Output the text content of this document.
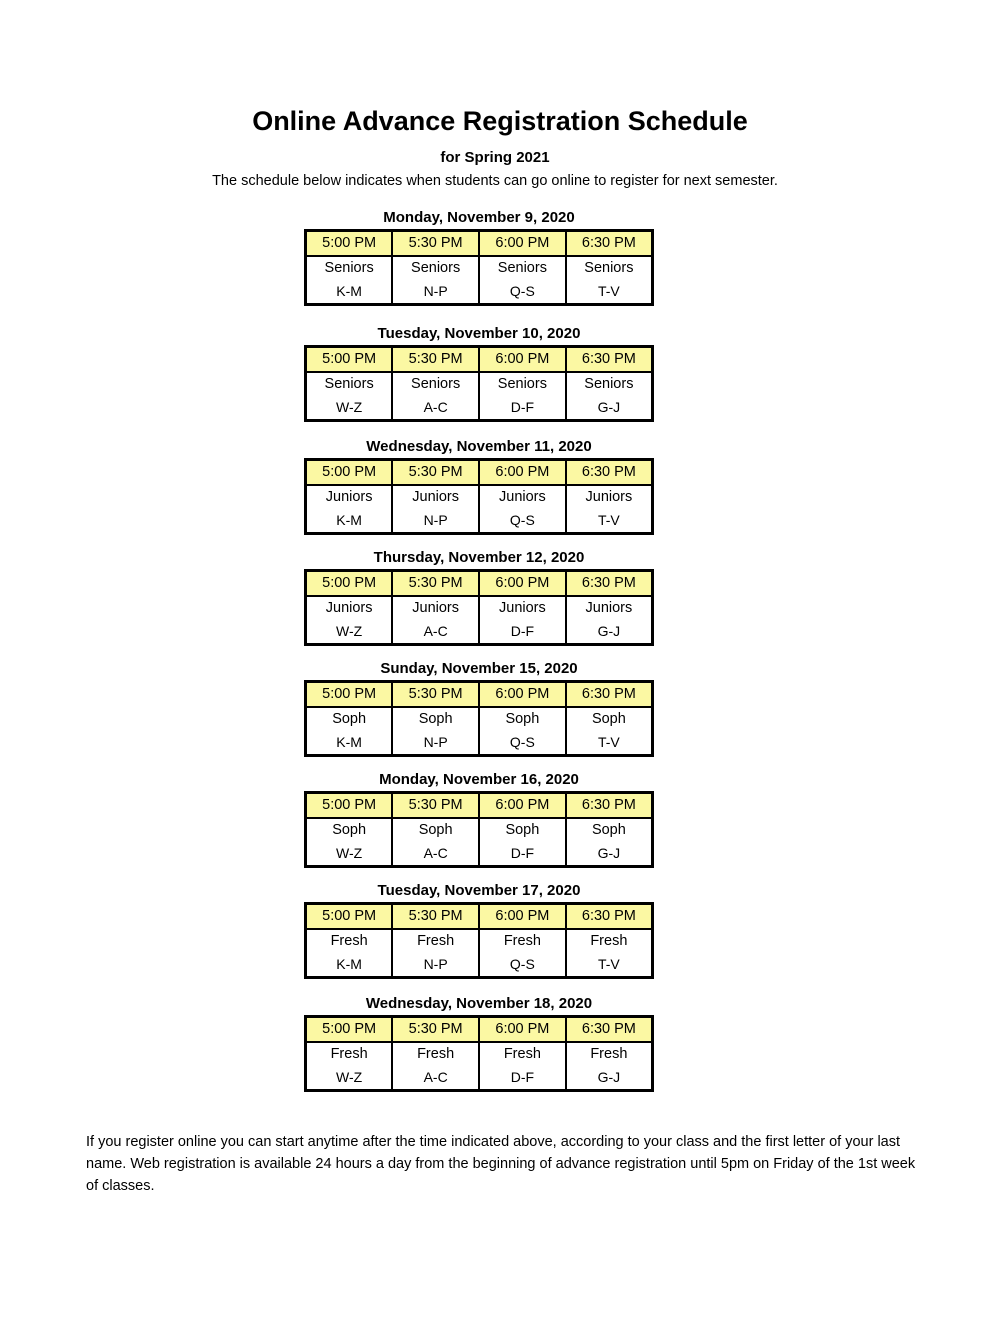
Online Advance Registration Schedule

for Spring 2021

The schedule below indicates when students can go online to register for next semester.

Monday, November 9, 2020
5:00 PM	5:30 PM	6:00 PM	6:30 PM
Seniors	Seniors	Seniors	Seniors
K-M	N-P	Q-S	T-V
Tuesday, November 10, 2020
5:00 PM	5:30 PM	6:00 PM	6:30 PM
Seniors	Seniors	Seniors	Seniors
W-Z	A-C	D-F	G-J
Wednesday, November 11, 2020
5:00 PM	5:30 PM	6:00 PM	6:30 PM
Juniors	Juniors	Juniors	Juniors
K-M	N-P	Q-S	T-V
Thursday, November 12, 2020
5:00 PM	5:30 PM	6:00 PM	6:30 PM
Juniors	Juniors	Juniors	Juniors
W-Z	A-C	D-F	G-J
Sunday, November 15, 2020
5:00 PM	5:30 PM	6:00 PM	6:30 PM
Soph	Soph	Soph	Soph
K-M	N-P	Q-S	T-V
Monday, November 16, 2020
5:00 PM	5:30 PM	6:00 PM	6:30 PM
Soph	Soph	Soph	Soph
W-Z	A-C	D-F	G-J
Tuesday, November 17, 2020
5:00 PM	5:30 PM	6:00 PM	6:30 PM
Fresh	Fresh	Fresh	Fresh
K-M	N-P	Q-S	T-V
Wednesday, November 18, 2020
5:00 PM	5:30 PM	6:00 PM	6:30 PM
Fresh	Fresh	Fresh	Fresh
W-Z	A-C	D-F	G-J

If you register online you can start anytime after the time indicated above, according to your class and the first letter of your last name. Web registration is available 24 hours a day from the beginning of advance registration until 5pm on Friday of the 1st week of classes.
